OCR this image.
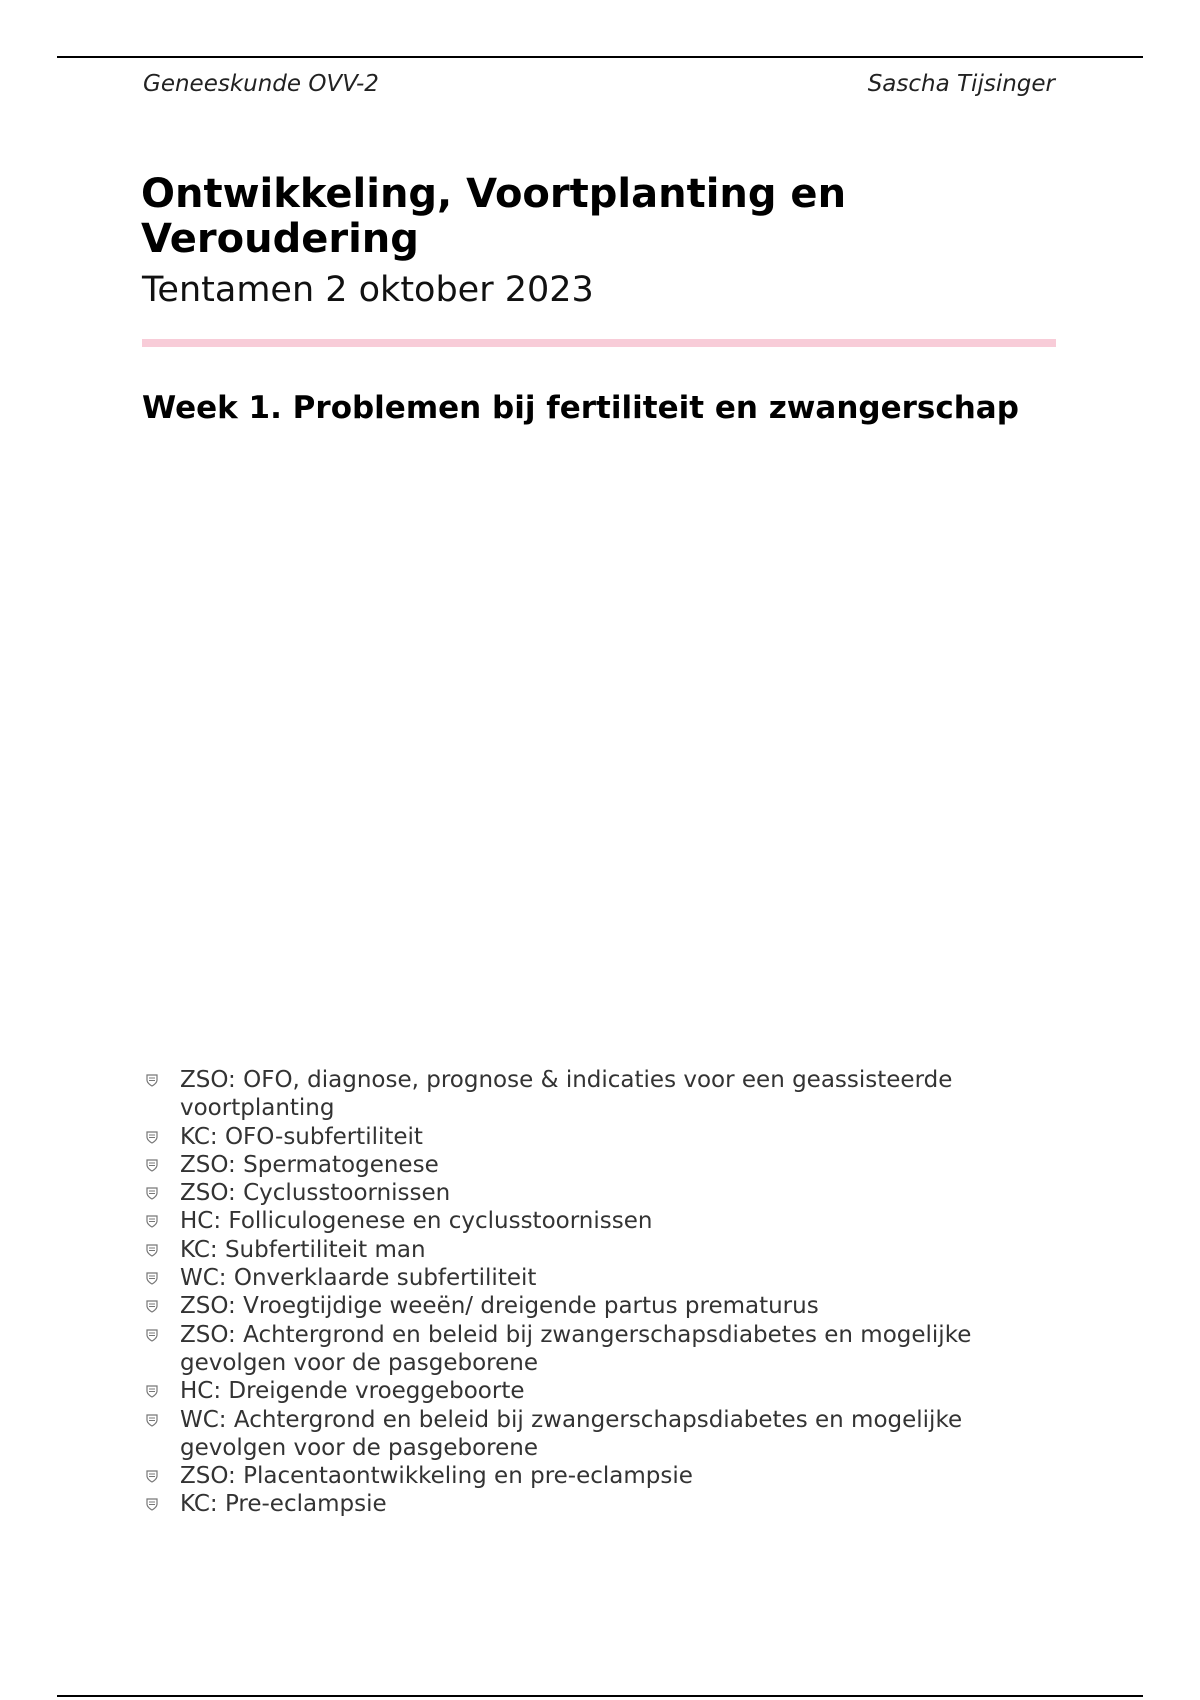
Geneeskunde OVV-2	Sascha Tijsinger
Ontwikkeling, Voortplanting en Veroudering
Tentamen 2 oktober 2023
Week 1. Problemen bij fertiliteit en zwangerschap
ZSO: OFO, diagnose, prognose & indicaties voor een geassisteerde voortplanting
KC: OFO-subfertiliteit
ZSO: Spermatogenese
ZSO: Cyclusstoornissen
HC: Folliculogenese en cyclusstoornissen
KC: Subfertiliteit man
WC: Onverklaarde subfertiliteit
ZSO: Vroegtijdige weeën/ dreigende partus prematurus
ZSO: Achtergrond en beleid bij zwangerschapsdiabetes en mogelijke gevolgen voor de pasgeborene
HC: Dreigende vroeggeboorte
WC: Achtergrond en beleid bij zwangerschapsdiabetes en mogelijke gevolgen voor de pasgeborene
ZSO: Placentaontwikkeling en pre-eclampsie
KC: Pre-eclampsie
